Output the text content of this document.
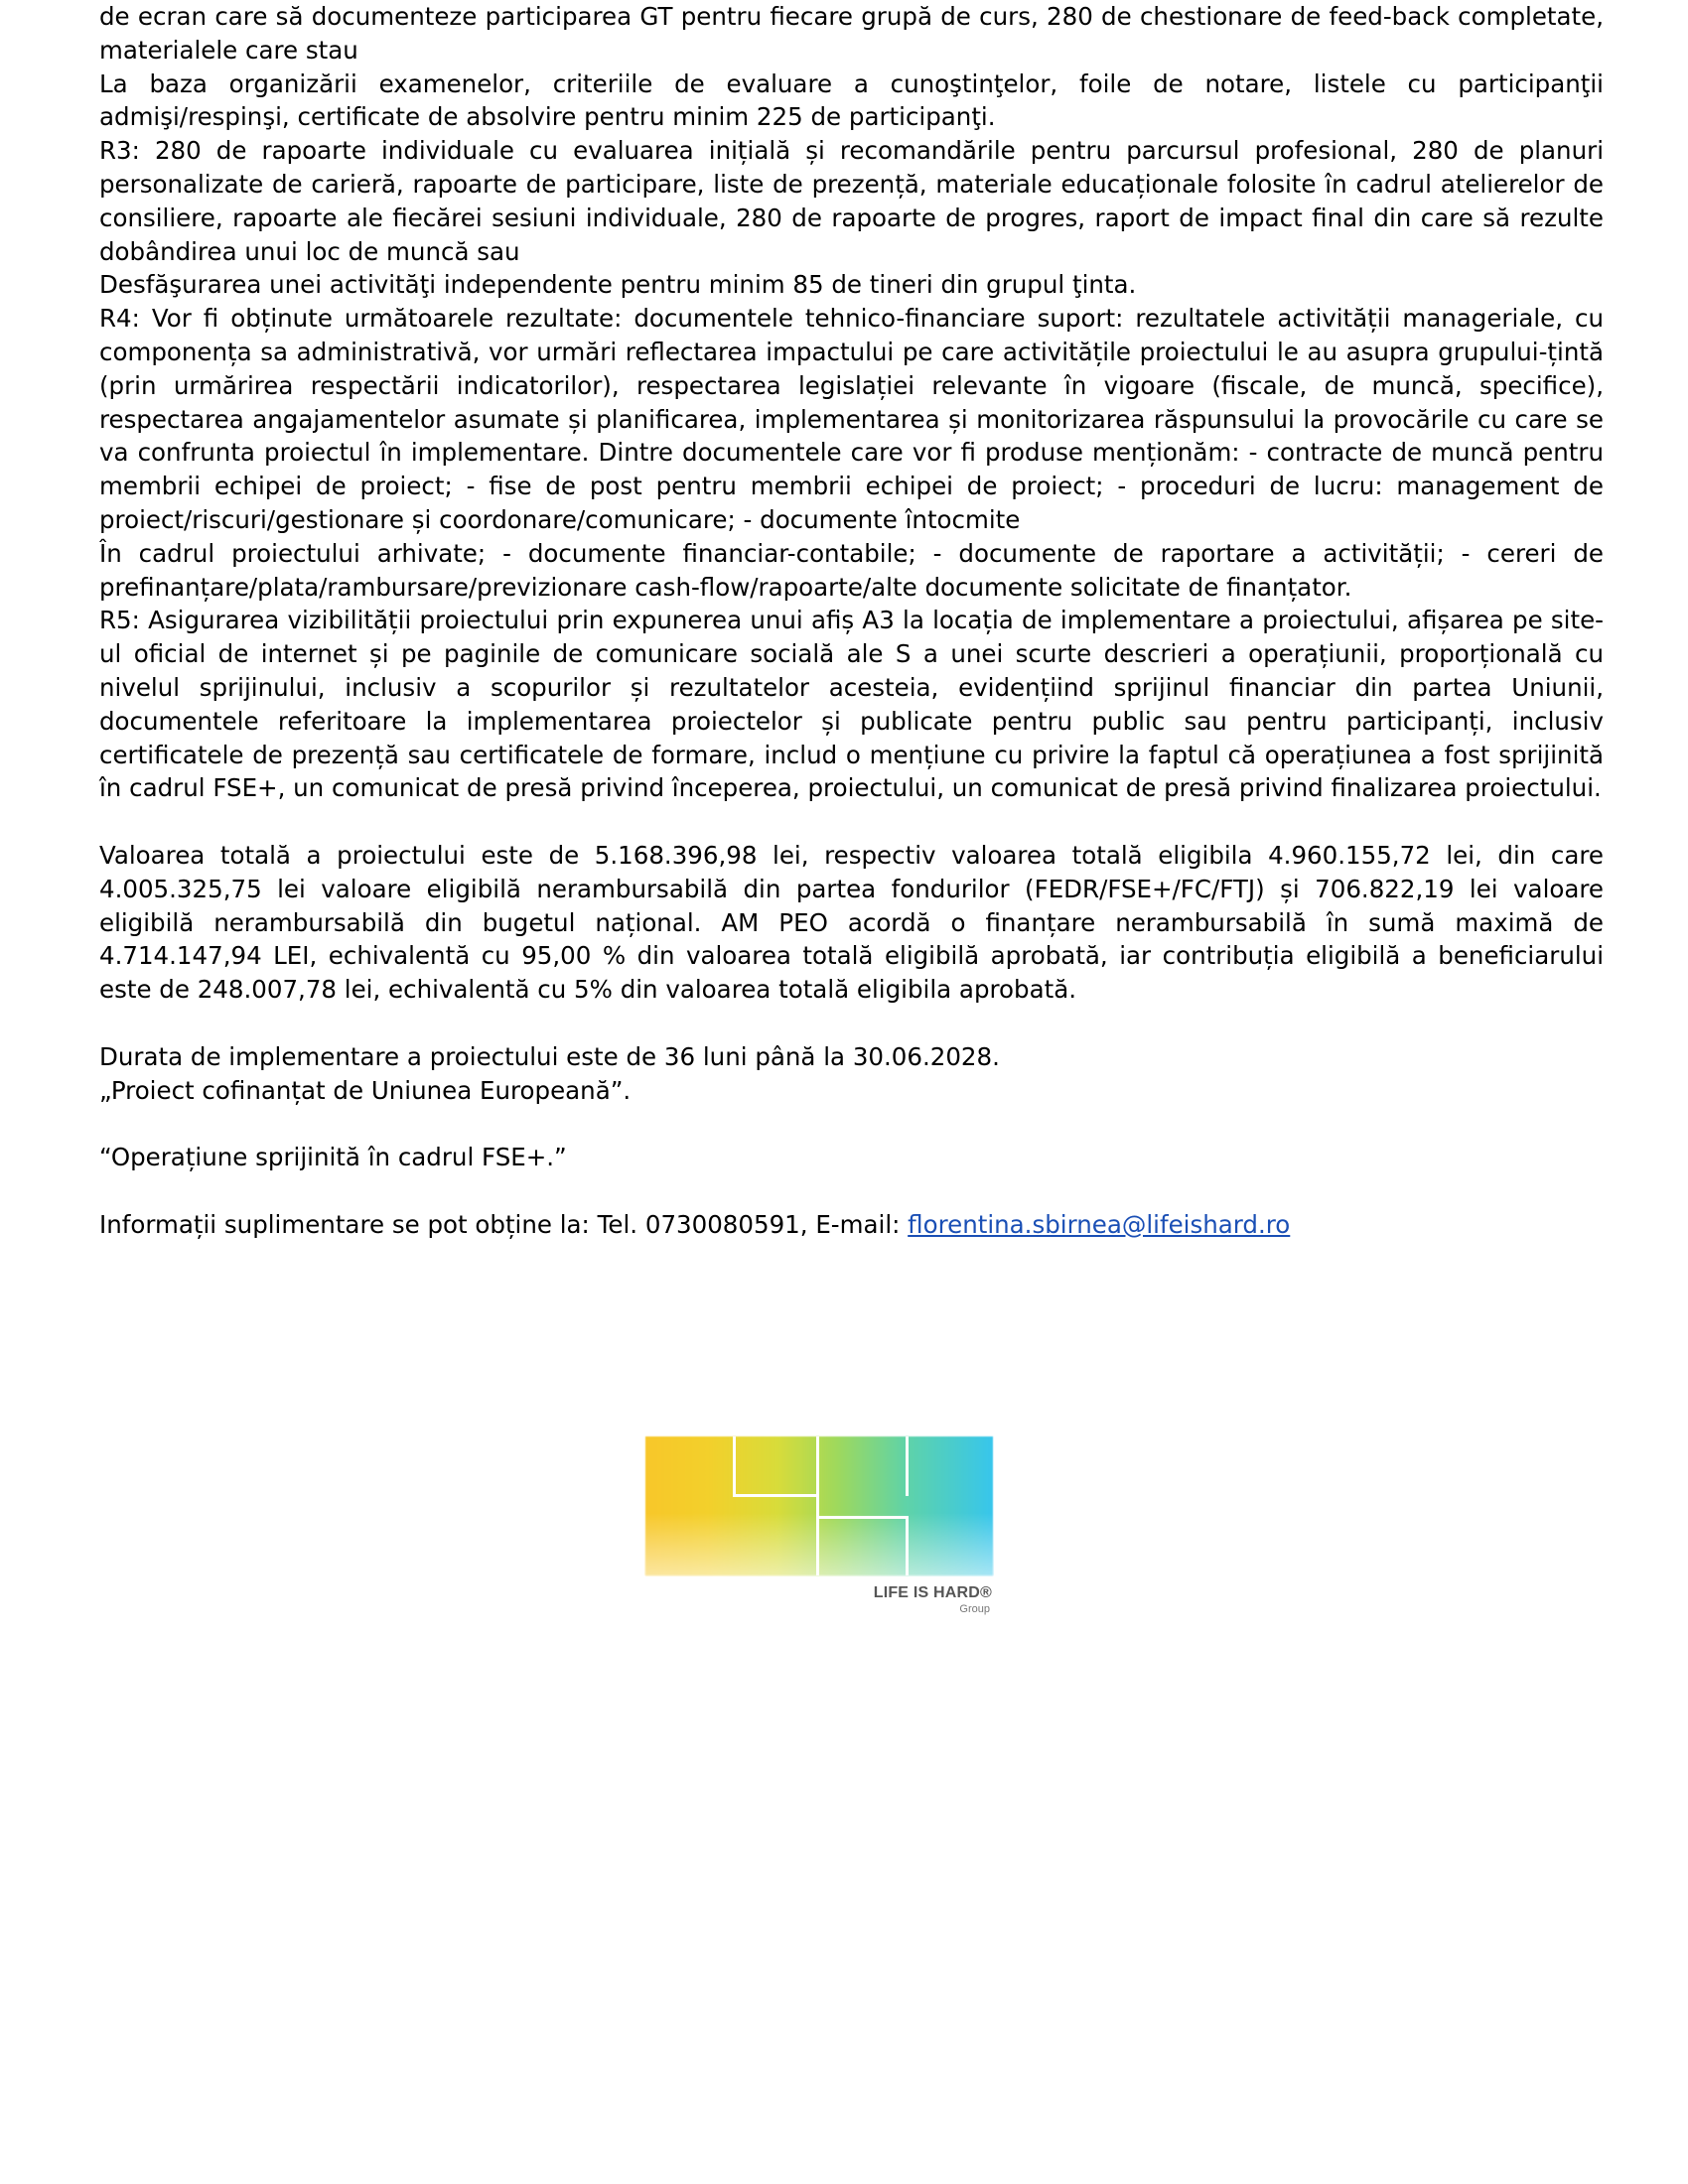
de ecran care să documenteze participarea GT pentru fiecare grupă de curs, 280 de chestionare de feed-back completate, materialele care stau

La baza organizării examenelor, criteriile de evaluare a cunoştinţelor, foile de notare, listele cu participanţii admişi/respinşi, certificate de absolvire pentru minim 225 de participanţi.

R3: 280 de rapoarte individuale cu evaluarea inițială și recomandările pentru parcursul profesional, 280 de planuri personalizate de carieră, rapoarte de participare, liste de prezență, materiale educaționale folosite în cadrul atelierelor de consiliere, rapoarte ale fiecărei sesiuni individuale, 280 de rapoarte de progres, raport de impact final din care să rezulte dobândirea unui loc de muncă sau

Desfăşurarea unei activităţi independente pentru minim 85 de tineri din grupul ţinta.

R4: Vor fi obținute următoarele rezultate: documentele tehnico-financiare suport: rezultatele activității manageriale, cu componența sa administrativă, vor urmări reflectarea impactului pe care activitățile proiectului le au asupra grupului-țintă (prin urmărirea respectării indicatorilor), respectarea legislației relevante în vigoare (fiscale, de muncă, specifice), respectarea angajamentelor asumate și planificarea, implementarea și monitorizarea răspunsului la provocările cu care se va confrunta proiectul în implementare. Dintre documentele care vor fi produse menționăm: - contracte de muncă pentru membrii echipei de proiect; - fise de post pentru membrii echipei de proiect; - proceduri de lucru: management de proiect/riscuri/gestionare și coordonare/comunicare; - documente întocmite

În cadrul proiectului arhivate; - documente financiar-contabile; - documente de raportare a activității; - cereri de prefinanțare/plata/rambursare/previzionare cash-flow/rapoarte/alte documente solicitate de finanțator.

R5: Asigurarea vizibilității proiectului prin expunerea unui afiș A3 la locația de implementare a proiectului, afișarea pe site-ul oficial de internet și pe paginile de comunicare socială ale S a unei scurte descrieri a operațiunii, proporțională cu nivelul sprijinului, inclusiv a scopurilor și rezultatelor acesteia, evidențiind sprijinul financiar din partea Uniunii, documentele referitoare la implementarea proiectelor și publicate pentru public sau pentru participanți, inclusiv certificatele de prezență sau certificatele de formare, includ o mențiune cu privire la faptul că operațiunea a fost sprijinită în cadrul FSE+, un comunicat de presă privind începerea, proiectului, un comunicat de presă privind finalizarea proiectului.

Valoarea totală a proiectului este de 5.168.396,98 lei, respectiv valoarea totală eligibila 4.960.155,72 lei, din care 4.005.325,75 lei valoare eligibilă nerambursabilă din partea fondurilor (FEDR/FSE+/FC/FTJ) și 706.822,19 lei valoare eligibilă nerambursabilă din bugetul național. AM PEO acordă o finanțare nerambursabilă în sumă maximă de 4.714.147,94 LEI, echivalentă cu 95,00 % din valoarea totală eligibilă aprobată, iar contribuția eligibilă a beneficiarului este de 248.007,78 lei, echivalentă cu 5% din valoarea totală eligibila aprobată.

Durata de implementare a proiectului este de 36 luni până la 30.06.2028.

„Proiect cofinanțat de Uniunea Europeană”.

“Operațiune sprijinită în cadrul FSE+.”

Informații suplimentare se pot obține la: Tel. 0730080591, E-mail: florentina.sbirnea@lifeishard.ro

LIFE IS HARD®
Group
